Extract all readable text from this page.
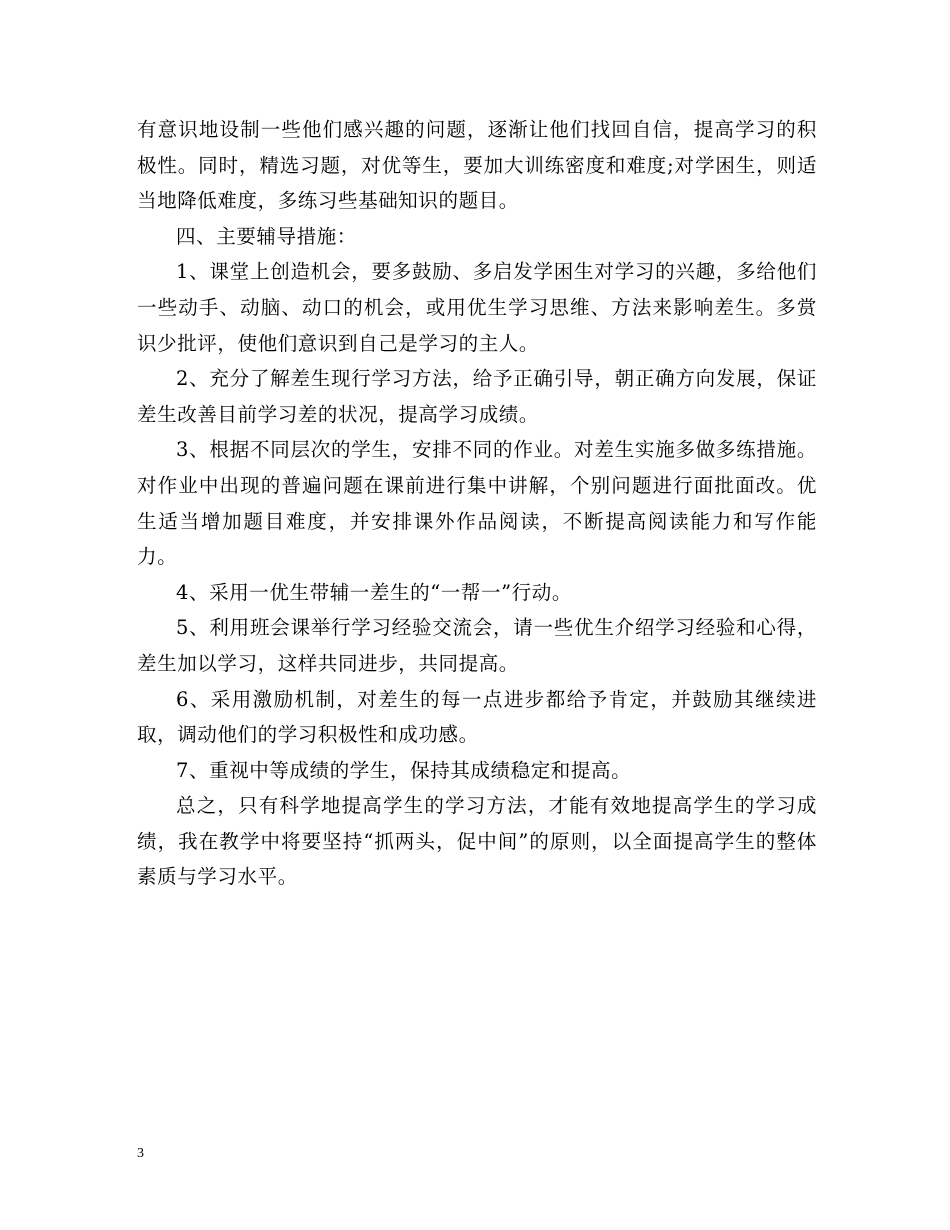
有意识地设制一些他们感兴趣的问题，逐渐让他们找回自信，提高学习的积极性。同时，精选习题，对优等生，要加大训练密度和难度;对学困生，则适当地降低难度，多练习些基础知识的题目。

四、主要辅导措施：

1、课堂上创造机会，要多鼓励、多启发学困生对学习的兴趣，多给他们一些动手、动脑、动口的机会，或用优生学习思维、方法来影响差生。多赏识少批评，使他们意识到自己是学习的主人。

2、充分了解差生现行学习方法，给予正确引导，朝正确方向发展，保证差生改善目前学习差的状况，提高学习成绩。

3、根据不同层次的学生，安排不同的作业。对差生实施多做多练措施。对作业中出现的普遍问题在课前进行集中讲解，个别问题进行面批面改。优生适当增加题目难度，并安排课外作品阅读，不断提高阅读能力和写作能力。

4、采用一优生带辅一差生的“一帮一”行动。

5、利用班会课举行学习经验交流会，请一些优生介绍学习经验和心得，差生加以学习，这样共同进步，共同提高。

6、采用激励机制，对差生的每一点进步都给予肯定，并鼓励其继续进取，调动他们的学习积极性和成功感。

7、重视中等成绩的学生，保持其成绩稳定和提高。

总之，只有科学地提高学生的学习方法，才能有效地提高学生的学习成绩，我在教学中将要坚持“抓两头，促中间”的原则，以全面提高学生的整体素质与学习水平。

3
